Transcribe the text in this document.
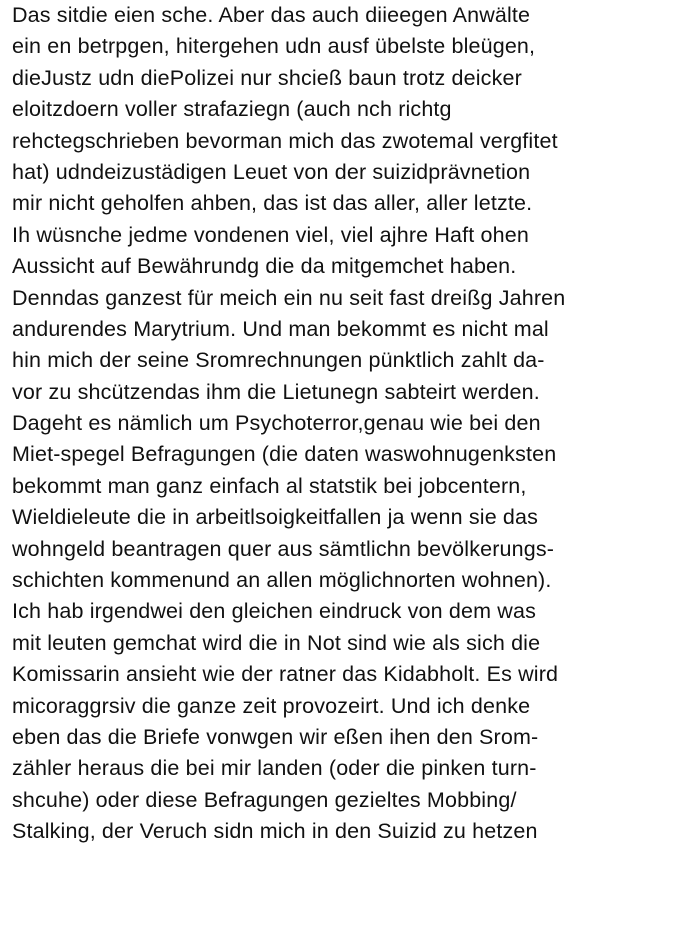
Das sitdie eien sche. Aber das auch diieegen Anwälte
ein en betrpgen, hitergehen udn ausf übelste bleügen,
dieJustz udn diePolizei nur shcieß baun trotz deicker
eloitzdoern voller strafaziegn (auch nch richtg
rehctegschrieben bevorman mich das zwotemal vergfitet
hat) udndeizustädigen Leuet von der suizidprävnetion
mir nicht geholfen ahben, das ist das aller, aller letzte.
Ih wüsnche jedme vondenen viel, viel ajhre Haft ohen
Aussicht auf Bewährundg die da mitgemchet haben.
Denndas ganzest für meich ein nu seit fast dreißg Jahren
andurendes Marytrium. Und man bekommt es nicht mal
hin mich der seine Sromrechnungen pünktlich zahlt da-
vor zu shcützendas ihm die Lietunegn sabteirt werden.
Dageht es nämlich um Psychoterror,genau wie bei den
Miet-spegel Befragungen (die daten waswohnugenksten
bekommt man ganz einfach al statstik bei jobcentern,
Wieldieleute die in arbeitlsoigkeitfallen ja wenn sie das
wohngeld beantragen quer aus sämtlichn bevölkerungs-
schichten kommenund an allen möglichnorten wohnen).
Ich hab irgendwei den gleichen eindruck von dem was
mit leuten gemchat wird die in Not sind wie als sich die
Komissarin ansieht wie der ratner das Kidabholt. Es wird
micoraggrsiv die ganze zeit provozeirt. Und ich denke
eben das die Briefe vonwgen wir eßen ihen den Srom-
zähler heraus die bei mir landen (oder die pinken turn-
shcuhe) oder diese Befragungen gezieltes Mobbing/
Stalking, der Veruch sidn mich in den Suizid zu hetzen
